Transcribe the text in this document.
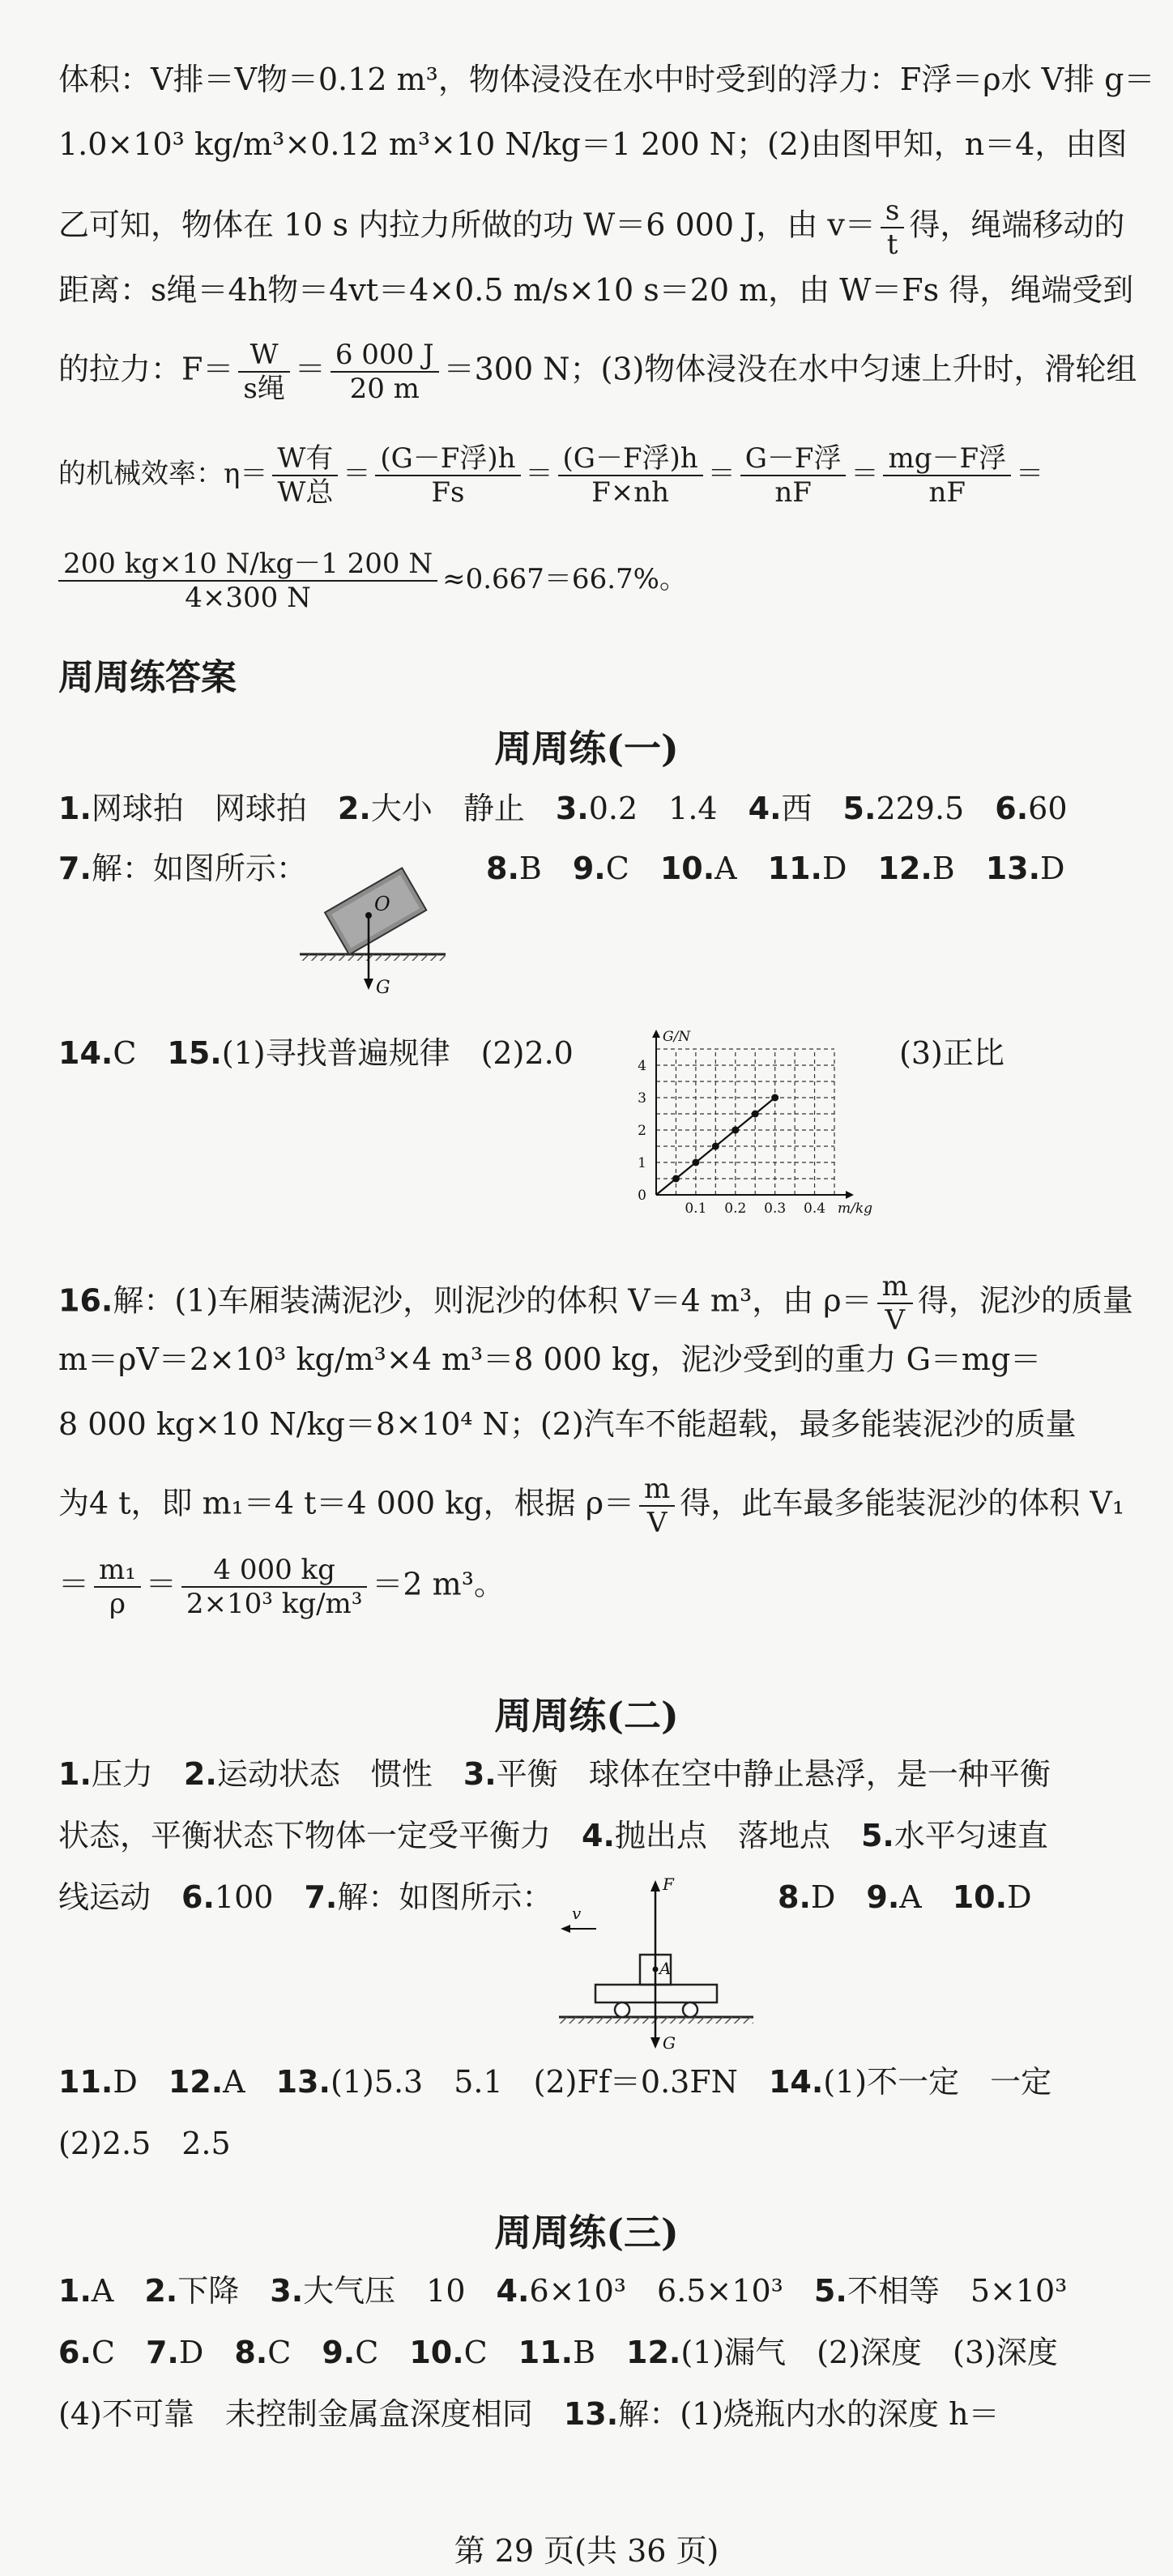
体积：V排＝V物＝0.12 m³，物体浸没在水中时受到的浮力：F浮＝ρ水 V排 g＝
1.0×10³ kg/m³×0.12 m³×10 N/kg＝1 200 N；(2)由图甲知，n＝4，由图
乙可知，物体在 10 s 内拉力所做的功 W＝6 000 J，由 $v= \frac{s}{t}$ 得，绳端移动的
距离：s绳＝4h物＝4vt＝4×0.5 m/s×10 s＝20 m，由 W＝Fs 得，绳端受到
的拉力：$F= \frac{W}{\text{s绳}} = \frac{6 000 J}{20 m} =300$ N；(3)物体浸没在水中匀速上升时，滑轮组
的机械效率：$\eta= \frac{\text{W有}}{\text{W总}} = \frac{\text{(G－F浮)h}}{Fs} = \frac{\text{(G－F浮)h}}{F\times nh} = \frac{\text{G－F浮}}{nF} = \frac{\text{mg－F浮}}{nF}$ ＝
$\frac{200 kg\times 10 N/kg-1 200 N}{4\times 300 N} \approx 0.667=66.7\%$。
周周练答案
周周练(一)
1.网球拍　网球拍　 2.大小　静止　 3.0.2　1.4　 4.西　 5.229.5　 6.60
7.解：如图所示：
O
G
8.B　 9.C　 10.A　 11.D　 12.B　 13.D
14.C　 15.(1)寻找普遍规律　(2)2.0	(3)正比
0.1 0.2 0.3 0.4
1
2
3
4
0
m/kg
G/N
16.解：(1)车厢装满泥沙，则泥沙的体积 V＝4 m³，由 $\rho= \frac{m}{V}$ 得，泥沙的质量
m＝ρV＝2×10³ kg/m³×4 m³＝8 000 kg，泥沙受到的重力 G＝mg＝
8 000 kg×10 N/kg＝8×10⁴ N；(2)汽车不能超载，最多能装泥沙的质量
为4 t，即 m₁＝4 t＝4 000 kg，根据 $\rho= \frac{m}{V}$ 得，此车最多能装泥沙的体积 V₁
＝ $\frac{\text{m₁}}{\rho} = \frac{4 000 kg}{\text{2×10³ kg/m³}} =2$ m³。
周周练(二)
1.压力　 2.运动状态　惯性　 3.平衡　球体在空中静止悬浮，是一种平衡
状态，平衡状态下物体一定受平衡力　 4.抛出点　落地点　 5.水平匀速直
线运动　 6.100　 7.解：如图所示：	8.D　 9.A　 10.D
A
F
G
v
11.D　 12.A　 13.(1)5.3　5.1　(2)Ff＝0.3FN　 14.(1)不一定　一定
(2)2.5　2.5
周周练(三)
1.A　 2.下降　 3.大气压　10　 4.6×10³　6.5×10³　 5.不相等　5×10³
6.C　 7.D　 8.C　 9.C　 10.C　 11.B　 12.(1)漏气　(2)深度　(3)深度
(4)不可靠　未控制金属盒深度相同　 13.解：(1)烧瓶内水的深度 h＝
第 29 页(共 36 页)
